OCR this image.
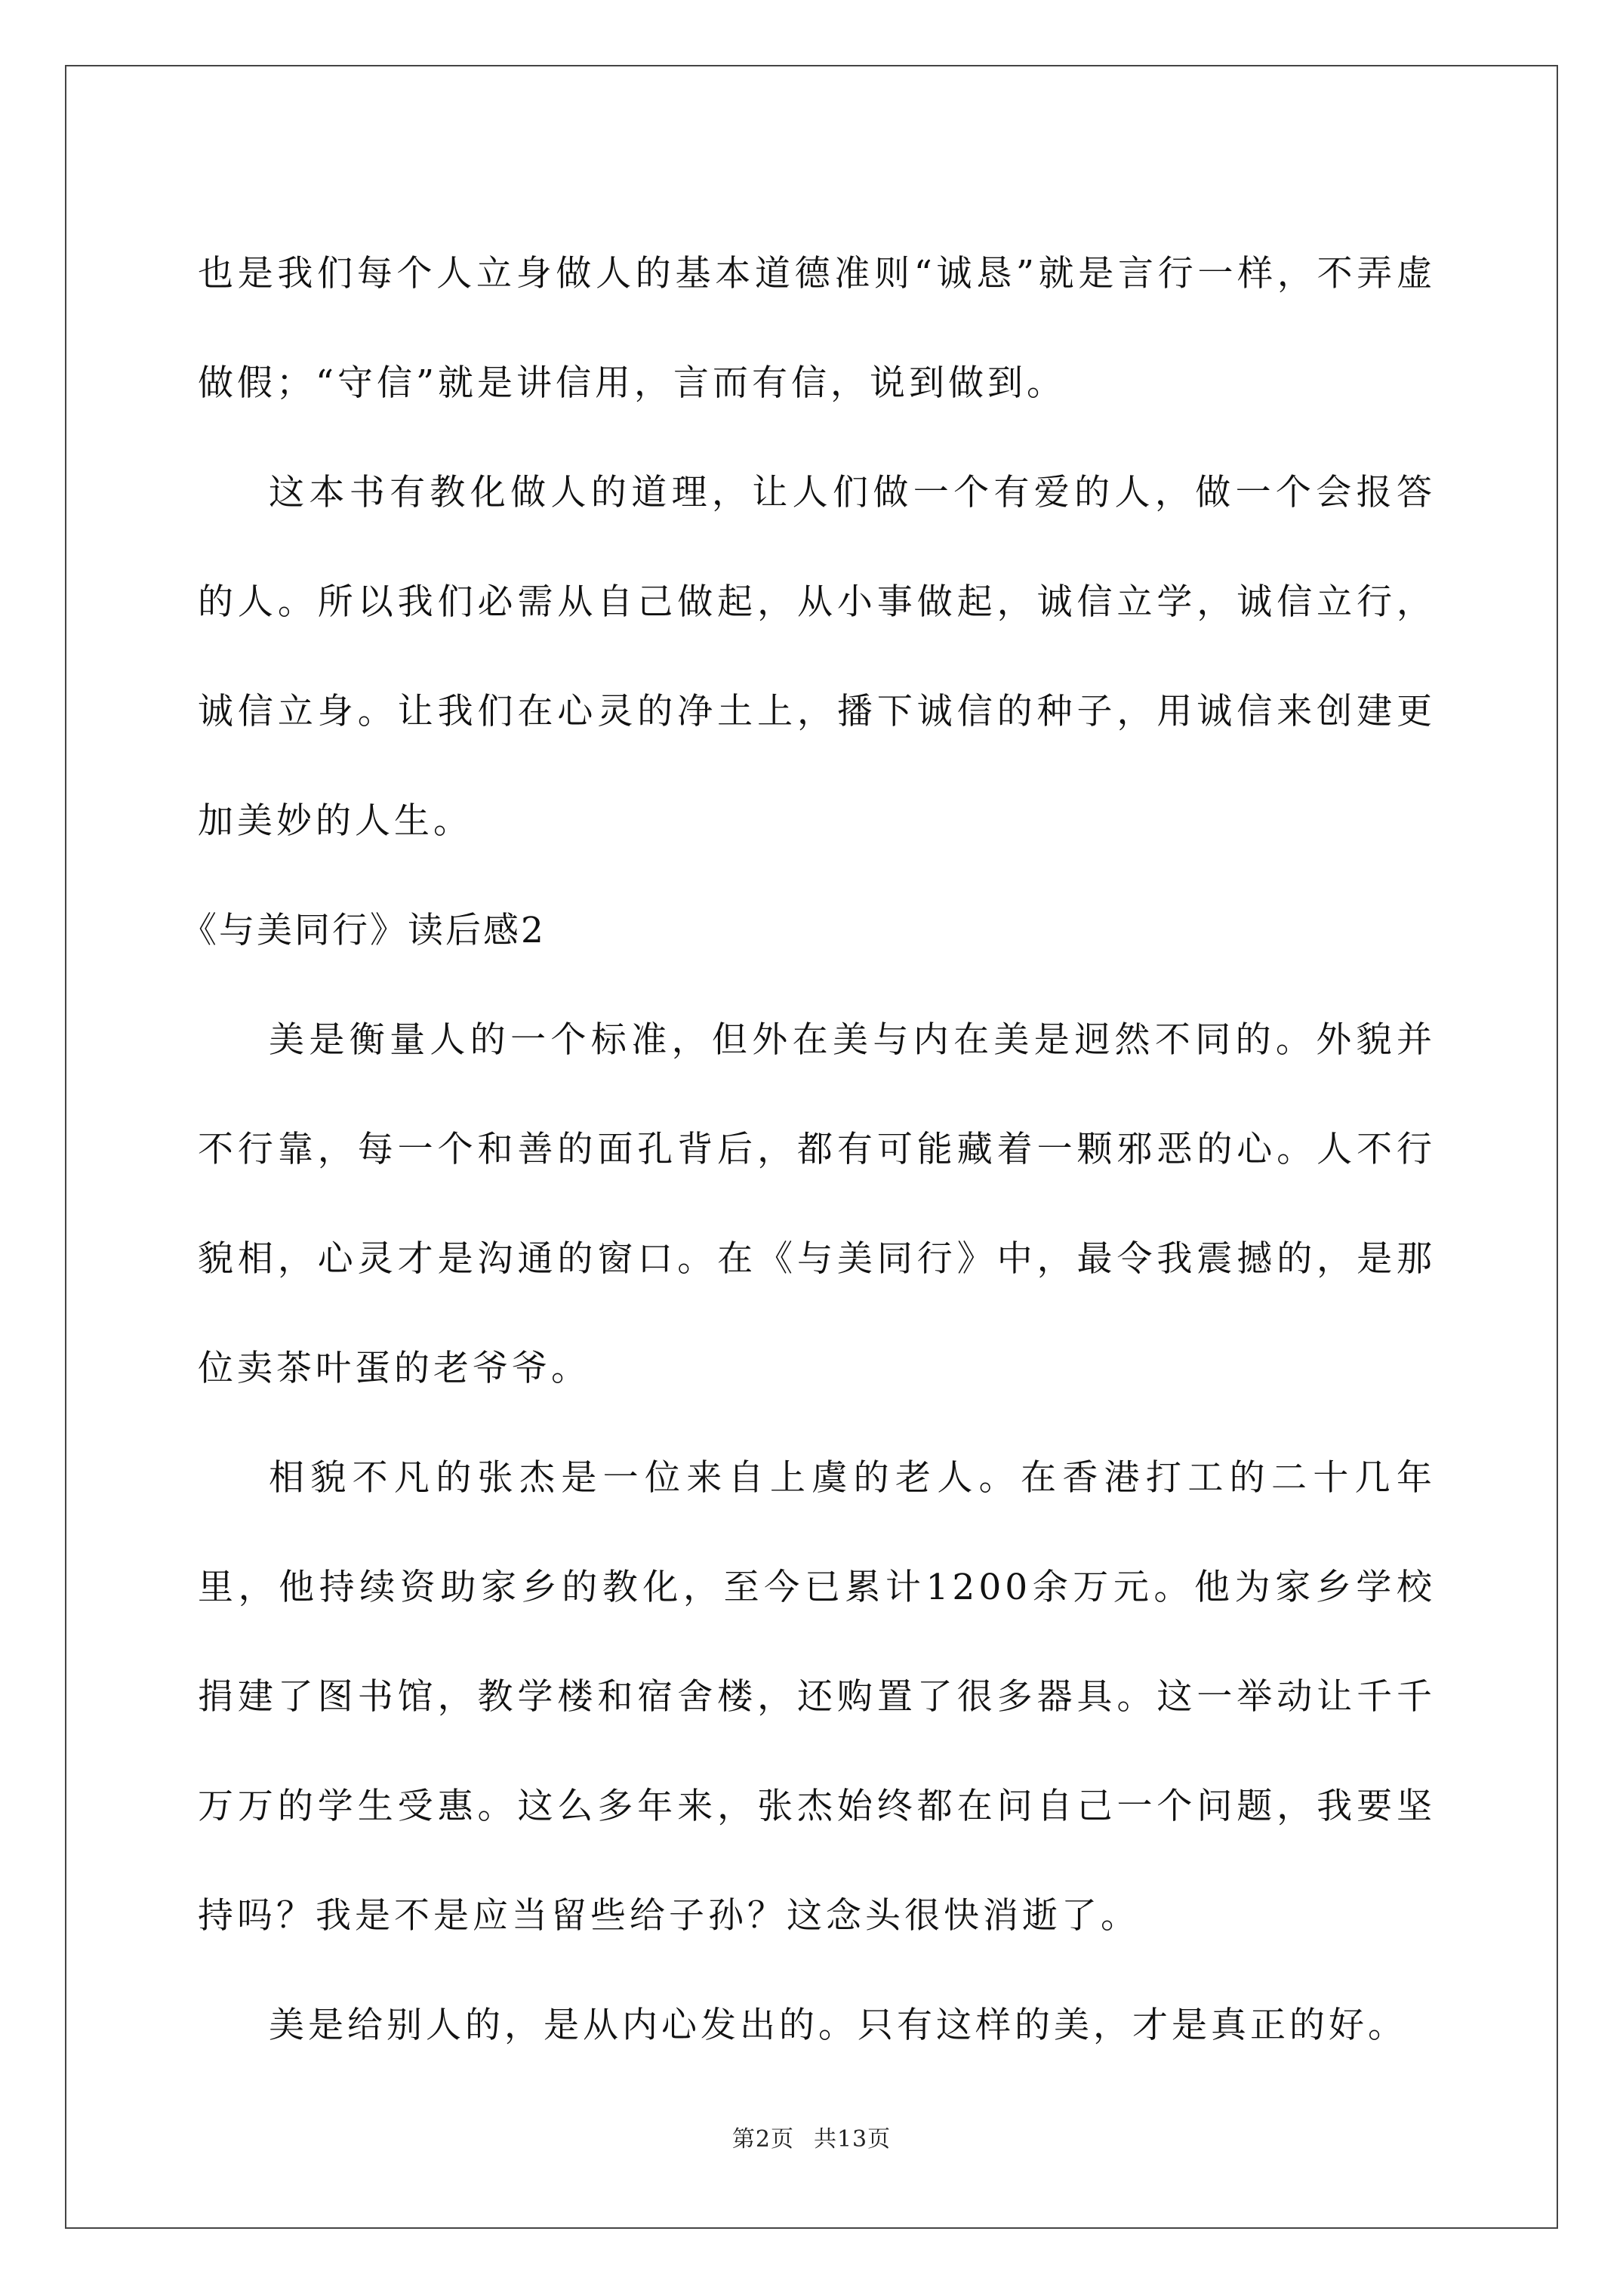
也是我们每个人立身做人的基本道德准则“诚恳”就是言行一样，不弄虚做假；“守信”就是讲信用，言而有信，说到做到。

这本书有教化做人的道理，让人们做一个有爱的人，做一个会报答的人。所以我们必需从自己做起，从小事做起，诚信立学，诚信立行，诚信立身。让我们在心灵的净土上，播下诚信的种子，用诚信来创建更加美妙的人生。

《与美同行》读后感2

美是衡量人的一个标准，但外在美与内在美是迥然不同的。外貌并不行靠，每一个和善的面孔背后，都有可能藏着一颗邪恶的心。人不行貌相，心灵才是沟通的窗口。在《与美同行》中，最令我震撼的，是那位卖茶叶蛋的老爷爷。

相貌不凡的张杰是一位来自上虞的老人。在香港打工的二十几年里，他持续资助家乡的教化，至今已累计1200余万元。他为家乡学校捐建了图书馆，教学楼和宿舍楼，还购置了很多器具。这一举动让千千万万的学生受惠。这么多年来，张杰始终都在问自己一个问题，我要坚持吗？我是不是应当留些给子孙？这念头很快消逝了。

美是给别人的，是从内心发出的。只有这样的美，才是真正的好。

第2页 共13页
